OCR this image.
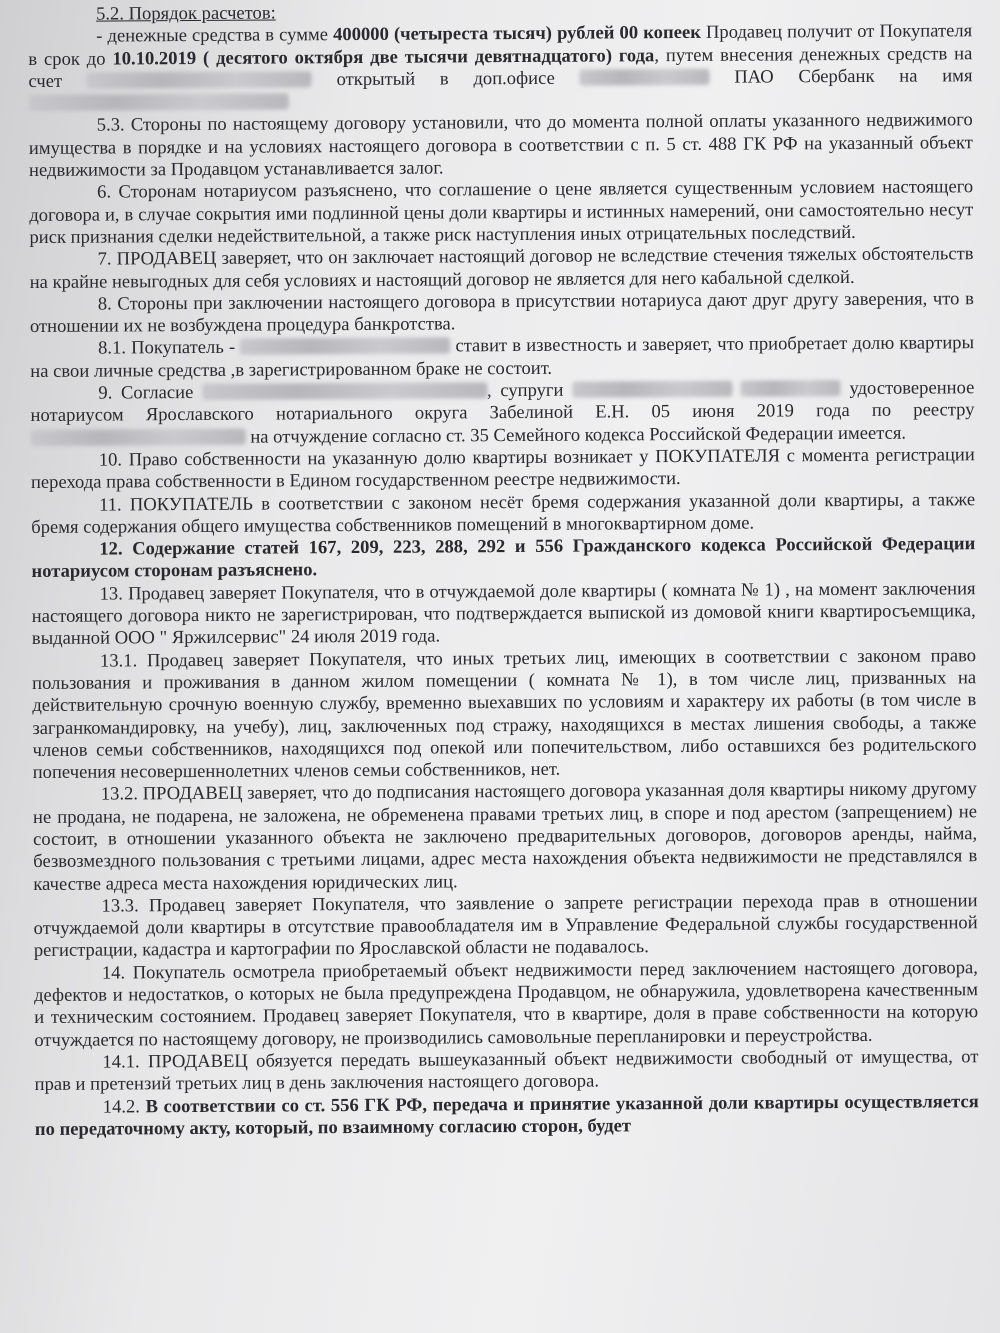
5.2. Порядок расчетов:

- денежные средства в сумме 400000 (четыреста тысяч) рублей 00 копеек Продавец получит от Покупателя в срок до 10.10.2019 ( десятого октября две тысячи девятнадцатого) года, путем внесения денежных средств на счет	открытый в доп.офисе	ПАО Сбербанк на имя

5.3. Стороны по настоящему договору установили, что до момента полной оплаты указанного недвижимого имущества в порядке и на условиях настоящего договора в соответствии с п. 5 ст. 488 ГК РФ на указанный объект недвижимости за Продавцом устанавливается залог.

6. Сторонам нотариусом разъяснено, что соглашение о цене является существенным условием настоящего договора и, в случае сокрытия ими подлинной цены доли квартиры и истинных намерений, они самостоятельно несут риск признания сделки недействительной, а также риск наступления иных отрицательных последствий.

7. ПРОДАВЕЦ заверяет, что он заключает настоящий договор не вследствие стечения тяжелых обстоятельств на крайне невыгодных для себя условиях и настоящий договор не является для него кабальной сделкой.

8. Стороны при заключении настоящего договора в присутствии нотариуса дают друг другу заверения, что в отношении их не возбуждена процедура банкротства.

8.1. Покупатель -	ставит в известность и заверяет, что приобретает долю квартиры на свои личные средства ,в зарегистрированном браке не состоит.

9. Согласие	, супруги	удостоверенное нотариусом Ярославского нотариального округа Забелиной Е.Н. 05 июня 2019 года по реестру  на отчуждение согласно ст. 35 Семейного кодекса Российской Федерации имеется.

10. Право собственности на указанную долю квартиры возникает у ПОКУПАТЕЛЯ с момента регистрации перехода права собственности в Едином государственном реестре недвижимости.

11. ПОКУПАТЕЛЬ в соответствии с законом несёт бремя содержания указанной доли квартиры, а также бремя содержания общего имущества собственников помещений в многоквартирном доме.

12. Содержание статей 167, 209, 223, 288, 292 и 556 Гражданского кодекса Российской Федерации нотариусом сторонам разъяснено.

13. Продавец заверяет Покупателя, что в отчуждаемой доле квартиры ( комната № 1) , на момент заключения настоящего договора никто не зарегистрирован, что подтверждается выпиской из домовой книги квартиросъемщика, выданной ООО " Яржилсервис" 24 июля 2019 года.

13.1. Продавец заверяет Покупателя, что иных третьих лиц, имеющих в соответствии с законом право пользования и проживания в данном жилом помещении ( комната № 1), в том числе лиц, призванных на действительную срочную военную службу, временно выехавших по условиям и характеру их работы (в том числе в загранкомандировку, на учебу), лиц, заключенных под стражу, находящихся в местах лишения свободы, а также членов семьи собственников, находящихся под опекой или попечительством, либо оставшихся без родительского попечения несовершеннолетних членов семьи собственников, нет.

13.2. ПРОДАВЕЦ заверяет, что до подписания настоящего договора указанная доля квартиры никому другому не продана, не подарена, не заложена, не обременена правами третьих лиц, в споре и под арестом (запрещением) не состоит, в отношении указанного объекта не заключено предварительных договоров, договоров аренды, найма, безвозмездного пользования с третьими лицами, адрес места нахождения объекта недвижимости не представлялся в качестве адреса места нахождения юридических лиц.

13.3. Продавец заверяет Покупателя, что заявление о запрете регистрации перехода прав в отношении отчуждаемой доли квартиры в отсутствие правообладателя им в Управление Федеральной службы государственной регистрации, кадастра и картографии по Ярославской области не подавалось.

14. Покупатель осмотрела приобретаемый объект недвижимости перед заключением настоящего договора, дефектов и недостатков, о которых не была предупреждена Продавцом, не обнаружила, удовлетворена качественным и техническим состоянием. Продавец заверяет Покупателя, что в квартире, доля в праве собственности на которую отчуждается по настоящему договору, не производились самовольные перепланировки и переустройства.

14.1. ПРОДАВЕЦ обязуется передать вышеуказанный объект недвижимости свободный от имущества, от прав и претензий третьих лиц в день заключения настоящего договора.

14.2. В соответствии со ст. 556 ГК РФ, передача и принятие указанной доли квартиры осуществляется по передаточному акту, который, по взаимному согласию сторон, будет
